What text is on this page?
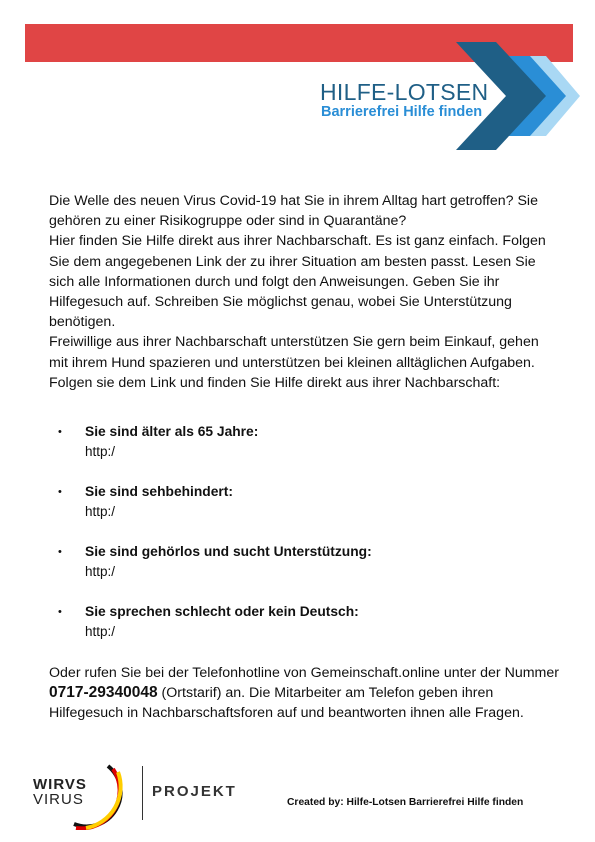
HILFE-LOTSEN
Barrierefrei Hilfe finden

Die Welle des neuen Virus Covid-19 hat Sie in ihrem Alltag hart getroffen? Sie gehören zu einer Risikogruppe oder sind in Quarantäne?

Hier finden Sie Hilfe direkt aus ihrer Nachbarschaft. Es ist ganz einfach. Folgen Sie dem angegebenen Link der zu ihrer Situation am besten passt. Lesen Sie sich alle Informationen durch und folgt den Anweisungen. Geben Sie ihr Hilfegesuch auf. Schreiben Sie möglichst genau, wobei Sie Unterstützung benötigen.

Freiwillige aus ihrer Nachbarschaft unterstützen Sie gern beim Einkauf, gehen mit ihrem Hund spazieren und unterstützen bei kleinen alltäglichen Aufgaben.

Folgen sie dem Link und finden Sie Hilfe direkt aus ihrer Nachbarschaft:

• Sie sind älter als 65 Jahre:
http:/
• Sie sind sehbehindert:
http:/
• Sie sind gehörlos und sucht Unterstützung:
http:/
• Sie sprechen schlecht oder kein Deutsch:
http:/

Oder rufen Sie bei der Telefonhotline von Gemeinschaft.online unter der Nummer 0717-29340048 (Ortstarif) an. Die Mitarbeiter am Telefon geben ihren Hilfegesuch in Nachbarschaftsforen auf und beantworten ihnen alle Fragen.

WIRVS
VIRUS	PROJEKT
Created by: Hilfe-Lotsen Barrierefrei Hilfe finden
